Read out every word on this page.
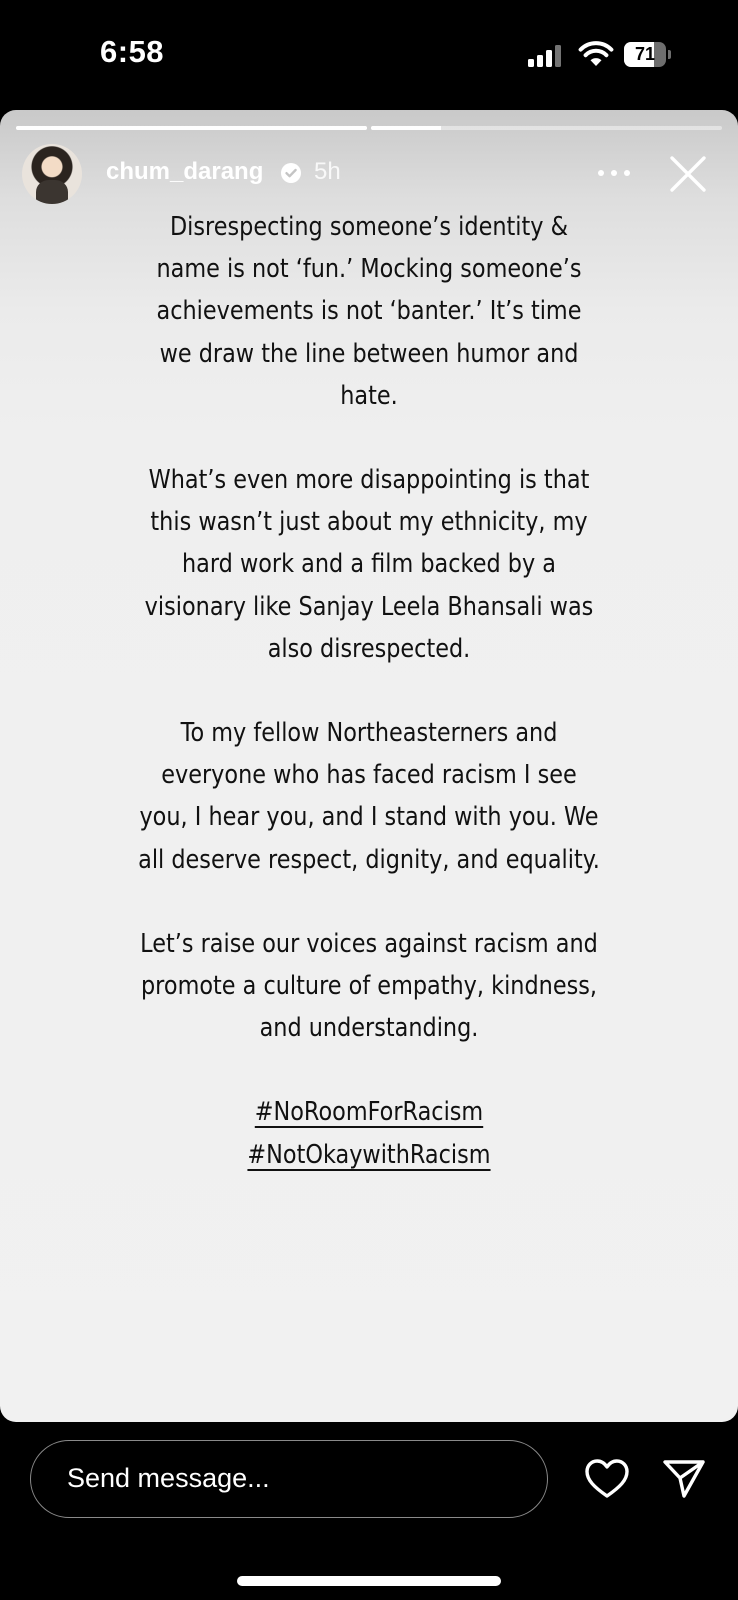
6:58	71
chum_darang 5h

Disrespecting someone’s identity & name is not ‘fun.’ Mocking someone’s achievements is not ‘banter.’ It’s time we draw the line between humor and hate.

What’s even more disappointing is that this wasn’t just about my ethnicity, my hard work and a film backed by a visionary like Sanjay Leela Bhansali was also disrespected.

To my fellow Northeasterners and everyone who has faced racism I see you, I hear you, and I stand with you. We all deserve respect, dignity, and equality.

Let’s raise our voices against racism and promote a culture of empathy, kindness, and understanding.

#NoRoomForRacism
#NotOkaywithRacism
Send message...
